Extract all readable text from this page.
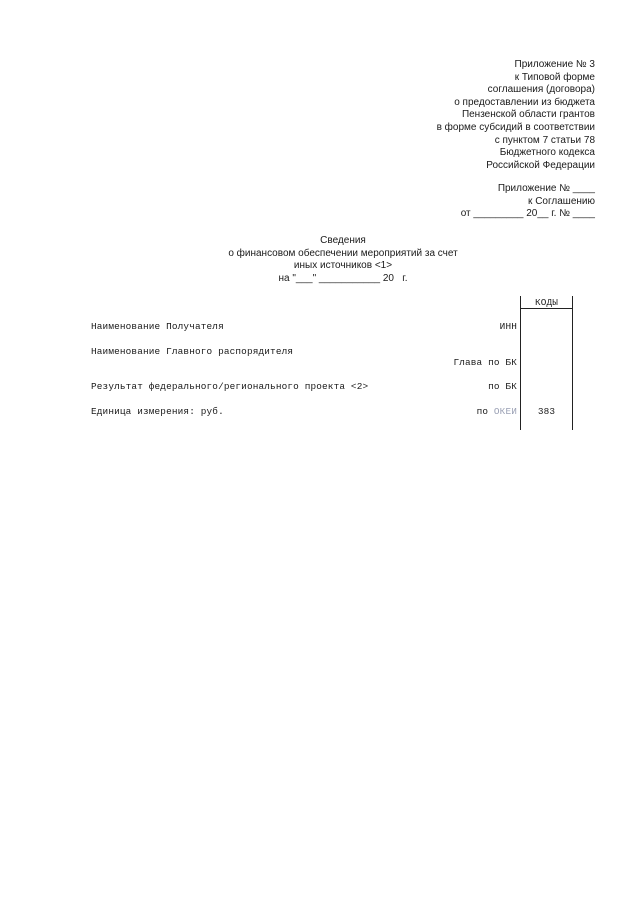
Приложение № 3
к Типовой форме
соглашения (договора)
о предоставлении из бюджета
Пензенской области грантов
в форме субсидий в соответствии
с пунктом 7 статьи 78
Бюджетного кодекса
Российской Федерации
Приложение № ____
к Соглашению
от _________ 20__ г. № ____
Сведения
о финансовом обеспечении мероприятий за счет
иных источников <1>
на "___" ___________ 20   г.
КОДЫ
Наименование Получателя	ИНН
Наименование Главного распорядителя
Глава по БК
Результат федерального/регионального проекта <2>	по БК
Единица измерения: руб.	по ОКЕИ	383
